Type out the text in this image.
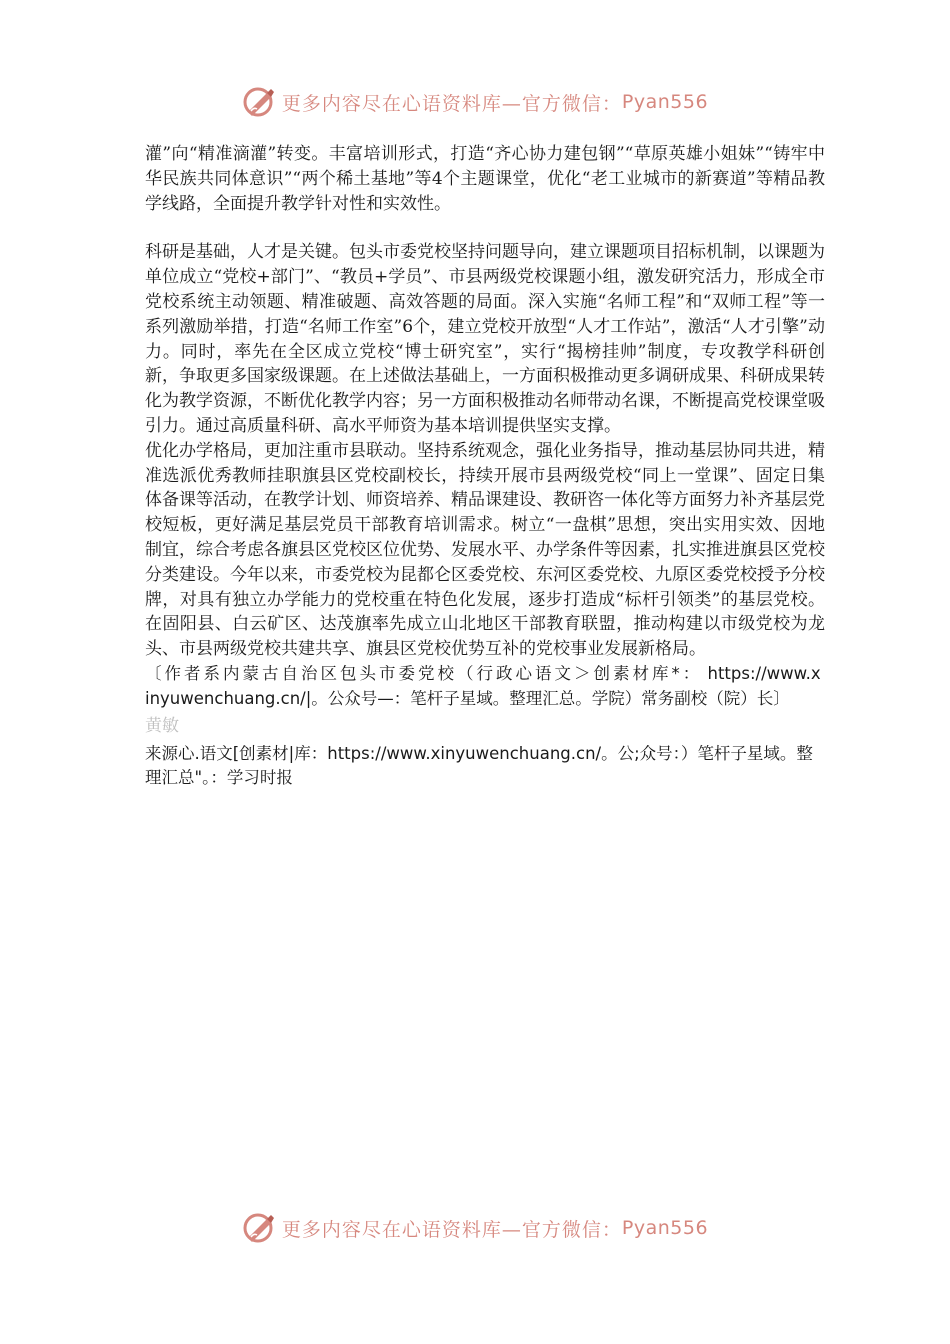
更多内容尽在心语资料库—官方微信： Pyan556

灌”向“精准滴灌”转变。丰富培训形式，打造“齐心协力建包钢”“草原英雄小姐妹”“铸牢中华民族共同体意识”“两个稀土基地”等4个主题课堂，优化“老工业城市的新赛道”等精品教学线路，全面提升教学针对性和实效性。

科研是基础，人才是关键。包头市委党校坚持问题导向，建立课题项目招标机制，以课题为单位成立“党校+部门”、“教员+学员”、市县两级党校课题小组，激发研究活力，形成全市党校系统主动领题、精准破题、高效答题的局面。深入实施“名师工程”和“双师工程”等一系列激励举措，打造“名师工作室”6个，建立党校开放型“人才工作站”，激活“人才引擎”动力。同时，率先在全区成立党校“博士研究室”，实行“揭榜挂帅”制度，专攻教学科研创新，争取更多国家级课题。在上述做法基础上，一方面积极推动更多调研成果、科研成果转化为教学资源，不断优化教学内容；另一方面积极推动名师带动名课，不断提高党校课堂吸引力。通过高质量科研、高水平师资为基本培训提供坚实支撑。

优化办学格局，更加注重市县联动。坚持系统观念，强化业务指导，推动基层协同共进，精准选派优秀教师挂职旗县区党校副校长，持续开展市县两级党校“同上一堂课”、固定日集体备课等活动，在教学计划、师资培养、精品课建设、教研咨一体化等方面努力补齐基层党校短板，更好满足基层党员干部教育培训需求。树立“一盘棋”思想，突出实用实效、因地制宜，综合考虑各旗县区党校区位优势、发展水平、办学条件等因素，扎实推进旗县区党校分类建设。今年以来，市委党校为昆都仑区委党校、东河区委党校、九原区委党校授予分校牌，对具有独立办学能力的党校重在特色化发展，逐步打造成“标杆引领类”的基层党校。在固阳县、白云矿区、达茂旗率先成立山北地区干部教育联盟，推动构建以市级党校为龙头、市县两级党校共建共享、旗县区党校优势互补的党校事业发展新格局。

〔作者系内蒙古自治区包头市委党校（行政心语文＞创素材库*： https://www.xinyuwenchuang.cn/|。公众号—：笔杆子星域。整理汇总。学院）常务副校（院）长〕

黄敏

来源心.语文[创素材|库：https://www.xinyuwenchuang.cn/。公;众号：）笔杆子星域。整理汇总"。：学习时报

更多内容尽在心语资料库—官方微信： Pyan556
